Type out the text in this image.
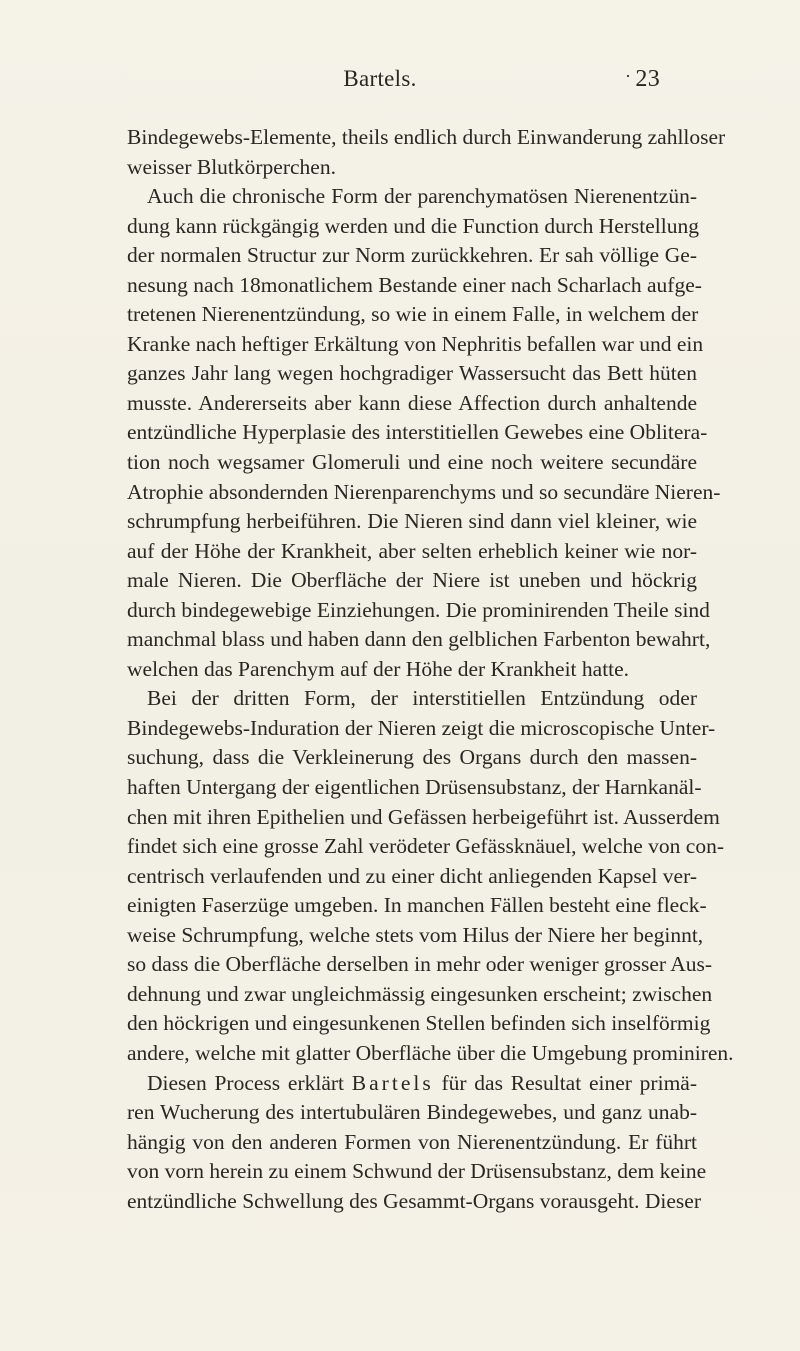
Bartels.	· 23
Bindegewebs-Elemente, theils endlich durch Einwanderung zahlloser
weisser Blutkörperchen.
Auch die chronische Form der parenchymatösen Nierenentzün-
dung kann rückgängig werden und die Function durch Herstellung
der normalen Structur zur Norm zurückkehren. Er sah völlige Ge-
nesung nach 18monatlichem Bestande einer nach Scharlach aufge-
tretenen Nierenentzündung, so wie in einem Falle, in welchem der
Kranke nach heftiger Erkältung von Nephritis befallen war und ein
ganzes Jahr lang wegen hochgradiger Wassersucht das Bett hüten
musste. Andererseits aber kann diese Affection durch anhaltende
entzündliche Hyperplasie des interstitiellen Gewebes eine Oblitera-
tion noch wegsamer Glomeruli und eine noch weitere secundäre
Atrophie absondernden Nierenparenchyms und so secundäre Nieren-
schrumpfung herbeiführen. Die Nieren sind dann viel kleiner, wie
auf der Höhe der Krankheit, aber selten erheblich keiner wie nor-
male Nieren. Die Oberfläche der Niere ist uneben und höckrig
durch bindegewebige Einziehungen. Die prominirenden Theile sind
manchmal blass und haben dann den gelblichen Farbenton bewahrt,
welchen das Parenchym auf der Höhe der Krankheit hatte.
Bei der dritten Form, der interstitiellen Entzündung oder
Bindegewebs-Induration der Nieren zeigt die microscopische Unter-
suchung, dass die Verkleinerung des Organs durch den massen-
haften Untergang der eigentlichen Drüsensubstanz, der Harnkanäl-
chen mit ihren Epithelien und Gefässen herbeigeführt ist. Ausserdem
findet sich eine grosse Zahl verödeter Gefässknäuel, welche von con-
centrisch verlaufenden und zu einer dicht anliegenden Kapsel ver-
einigten Faserzüge umgeben. In manchen Fällen besteht eine fleck-
weise Schrumpfung, welche stets vom Hilus der Niere her beginnt,
so dass die Oberfläche derselben in mehr oder weniger grosser Aus-
dehnung und zwar ungleichmässig eingesunken erscheint; zwischen
den höckrigen und eingesunkenen Stellen befinden sich inselförmig
andere, welche mit glatter Oberfläche über die Umgebung prominiren.
Diesen Process erklärt Bartels für das Resultat einer primä-
ren Wucherung des intertubulären Bindegewebes, und ganz unab-
hängig von den anderen Formen von Nierenentzündung. Er führt
von vorn herein zu einem Schwund der Drüsensubstanz, dem keine
entzündliche Schwellung des Gesammt-Organs vorausgeht. Dieser
